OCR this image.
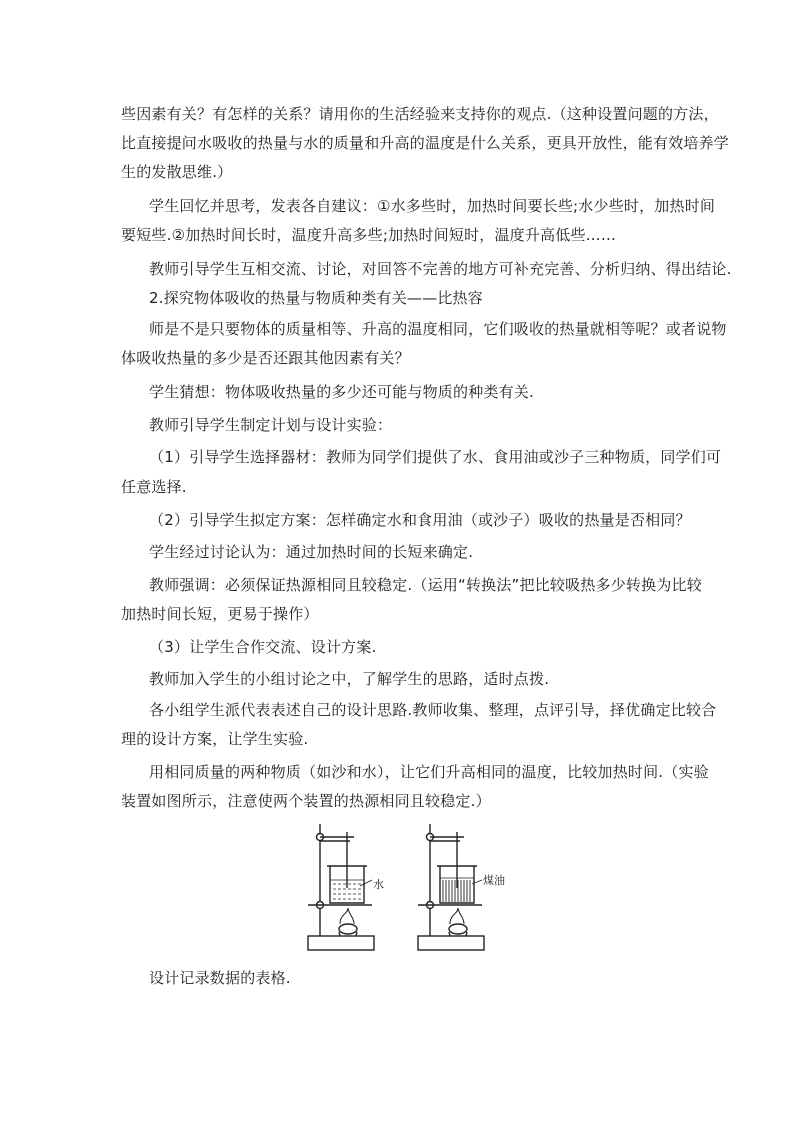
些因素有关？有怎样的关系？请用你的生活经验来支持你的观点.（这种设置问题的方法，
比直接提问水吸收的热量与水的质量和升高的温度是什么关系，更具开放性，能有效培养学
生的发散思维.）
学生回忆并思考，发表各自建议：①水多些时，加热时间要长些;水少些时，加热时间
要短些.②加热时间长时，温度升高多些;加热时间短时，温度升高低些……
教师引导学生互相交流、讨论，对回答不完善的地方可补充完善、分析归纳、得出结论.
2.探究物体吸收的热量与物质种类有关——比热容
师是不是只要物体的质量相等、升高的温度相同，它们吸收的热量就相等呢？或者说物
体吸收热量的多少是否还跟其他因素有关？
学生猜想：物体吸收热量的多少还可能与物质的种类有关.
教师引导学生制定计划与设计实验：
（1）引导学生选择器材：教师为同学们提供了水、食用油或沙子三种物质，同学们可
任意选择.
（2）引导学生拟定方案：怎样确定水和食用油（或沙子）吸收的热量是否相同？
学生经过讨论认为：通过加热时间的长短来确定.
教师强调：必须保证热源相同且较稳定.（运用“转换法”把比较吸热多少转换为比较
加热时间长短，更易于操作）
（3）让学生合作交流、设计方案.
教师加入学生的小组讨论之中，了解学生的思路，适时点拨.
各小组学生派代表表述自己的设计思路.教师收集、整理，点评引导，择优确定比较合
理的设计方案，让学生实验.
用相同质量的两种物质（如沙和水），让它们升高相同的温度，比较加热时间.（实验
装置如图所示，注意使两个装置的热源相同且较稳定.）
水	煤油
设计记录数据的表格.
